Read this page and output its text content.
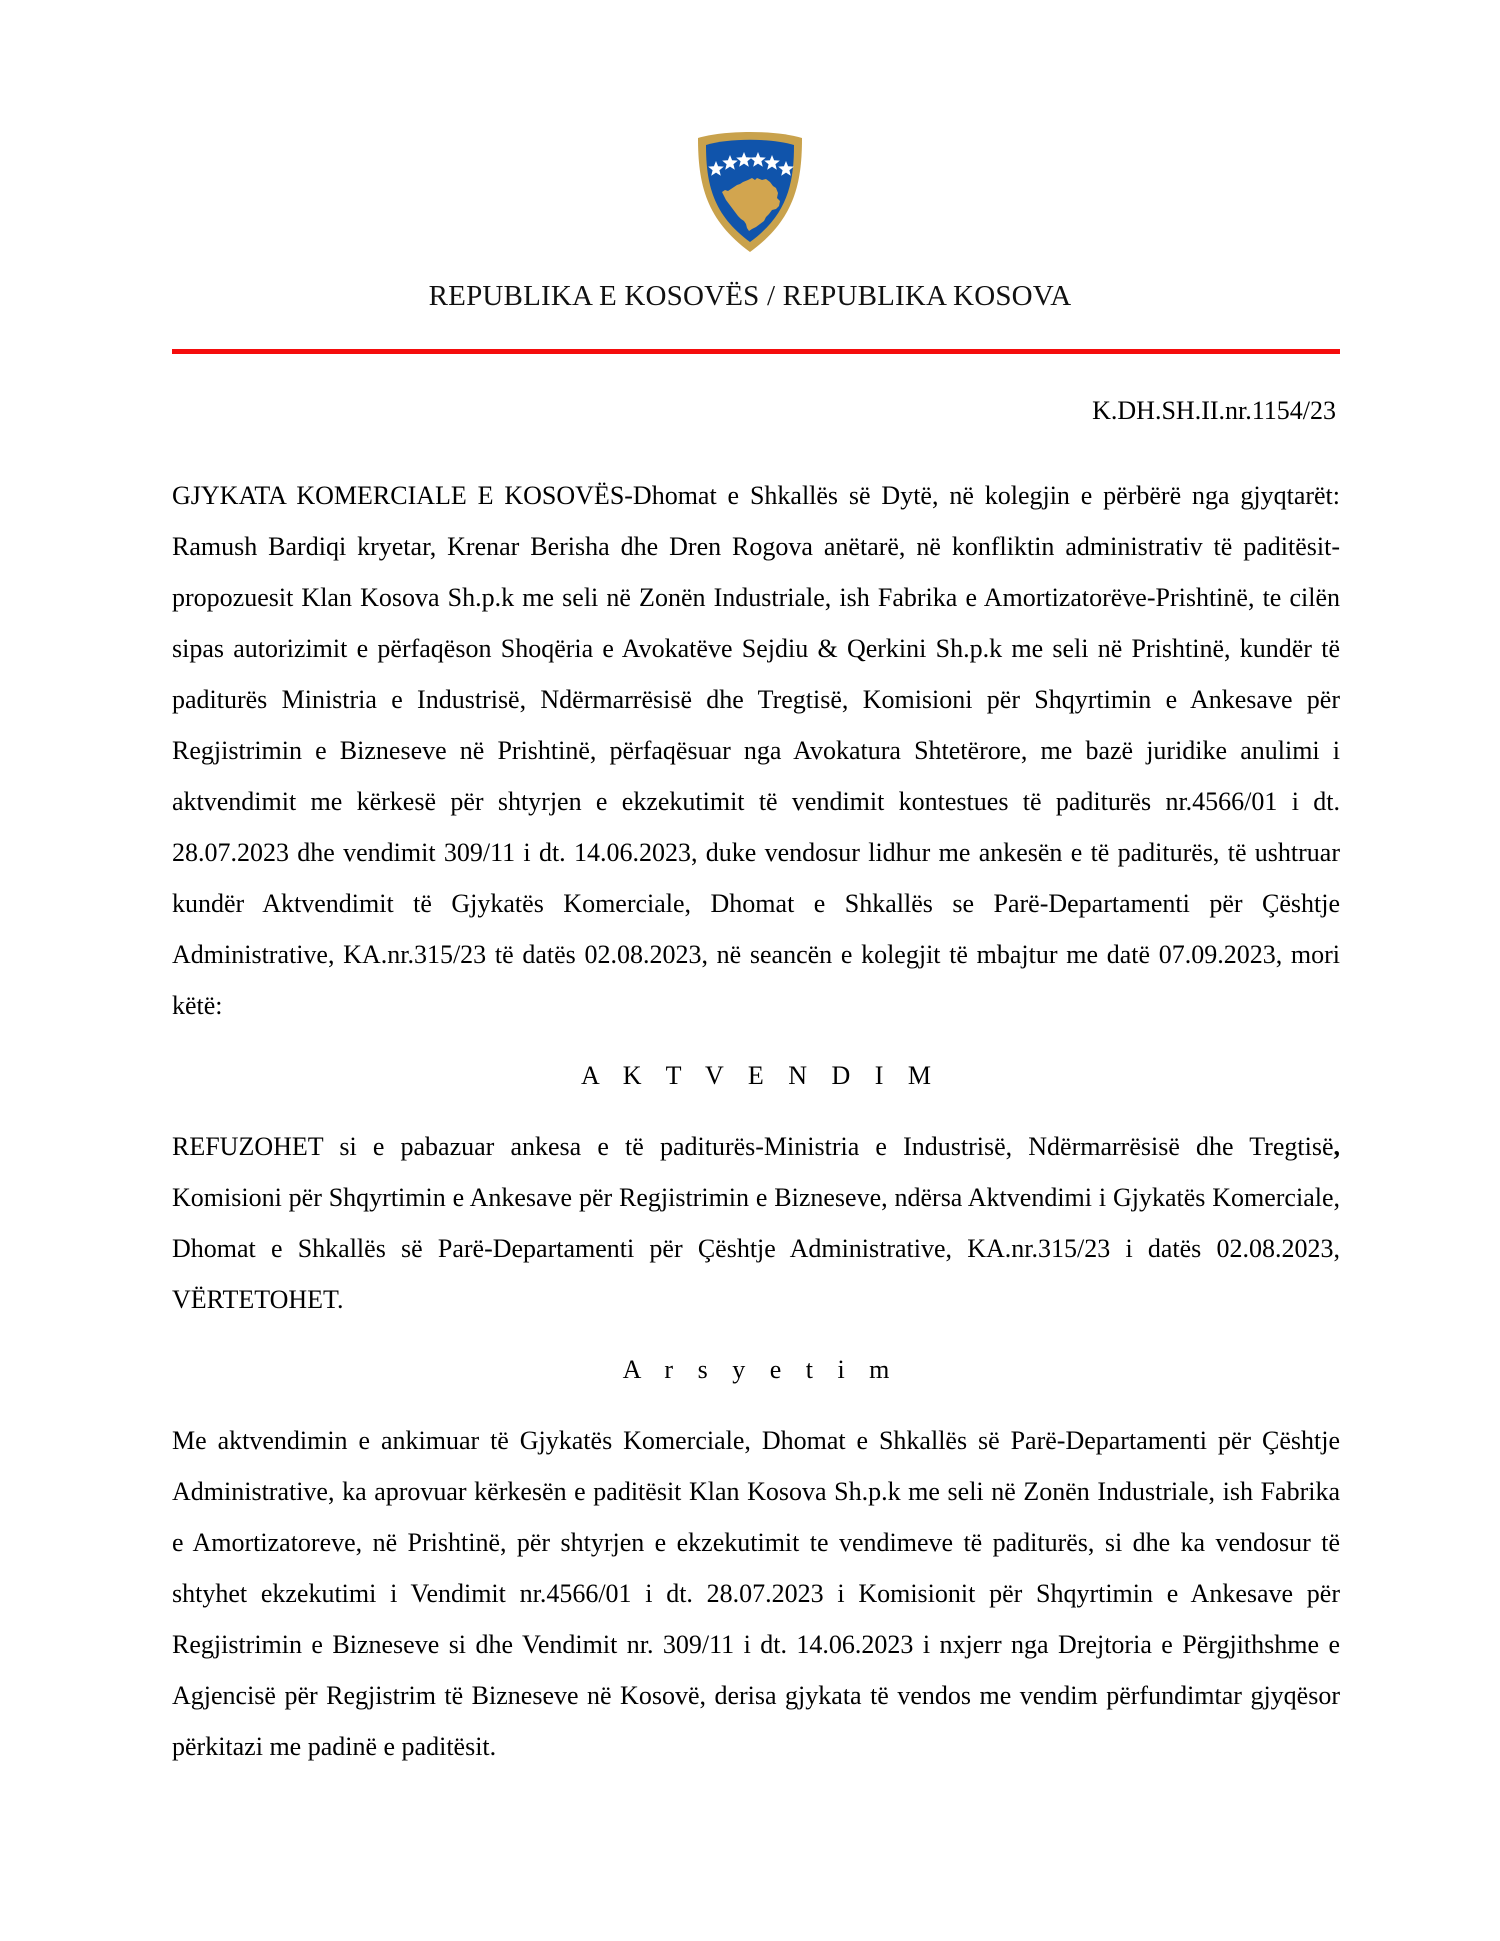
REPUBLIKA E KOSOVËS / REPUBLIKA KOSOVA
K.DH.SH.II.nr.1154/23

GJYKATA KOMERCIALE E KOSOVËS-Dhomat e Shkallës së Dytë, në kolegjin e përbërë nga gjyqtarët: Ramush Bardiqi kryetar, Krenar Berisha dhe Dren Rogova anëtarë, në konfliktin administrativ të paditësit-propozuesit Klan Kosova Sh.p.k me seli në Zonën Industriale, ish Fabrika e Amortizatorëve-Prishtinë, te cilën sipas autorizimit e përfaqëson Shoqëria e Avokatëve Sejdiu & Qerkini Sh.p.k me seli në Prishtinë, kundër të paditurës Ministria e Industrisë, Ndërmarrësisë dhe Tregtisë, Komisioni për Shqyrtimin e Ankesave për Regjistrimin e Bizneseve në Prishtinë, përfaqësuar nga Avokatura Shtetërore, me bazë juridike anulimi i aktvendimit me kërkesë për shtyrjen e ekzekutimit të vendimit kontestues të paditurës nr.4566/01 i dt. 28.07.2023 dhe vendimit 309/11 i dt. 14.06.2023, duke vendosur lidhur me ankesën e të paditurës, të ushtruar kundër Aktvendimit të Gjykatës Komerciale, Dhomat e Shkallës se Parë-Departamenti për Çështje Administrative, KA.nr.315/23 të datës 02.08.2023, në seancën e kolegjit të mbajtur me datë 07.09.2023, mori këtë:

A K T V E N D I M

REFUZOHET si e pabazuar ankesa e të paditurës-Ministria e Industrisë, Ndërmarrësisë dhe Tregtisë, Komisioni për Shqyrtimin e Ankesave për Regjistrimin e Bizneseve, ndërsa Aktvendimi i Gjykatës Komerciale, Dhomat e Shkallës së Parë-Departamenti për Çështje Administrative, KA.nr.315/23 i datës 02.08.2023, VËRTETOHET.

A r s y e t i m

Me aktvendimin e ankimuar të Gjykatës Komerciale, Dhomat e Shkallës së Parë-Departamenti për Çështje Administrative, ka aprovuar kërkesën e paditësit Klan Kosova Sh.p.k me seli në Zonën Industriale, ish Fabrika e Amortizatoreve, në Prishtinë, për shtyrjen e ekzekutimit te vendimeve të paditurës, si dhe ka vendosur të shtyhet ekzekutimi i Vendimit nr.4566/01 i dt. 28.07.2023 i Komisionit për Shqyrtimin e Ankesave për Regjistrimin e Bizneseve si dhe Vendimit nr. 309/11 i dt. 14.06.2023 i nxjerr nga Drejtoria e Përgjithshme e Agjencisë për Regjistrim të Bizneseve në Kosovë, derisa gjykata të vendos me vendim përfundimtar gjyqësor përkitazi me padinë e paditësit.
